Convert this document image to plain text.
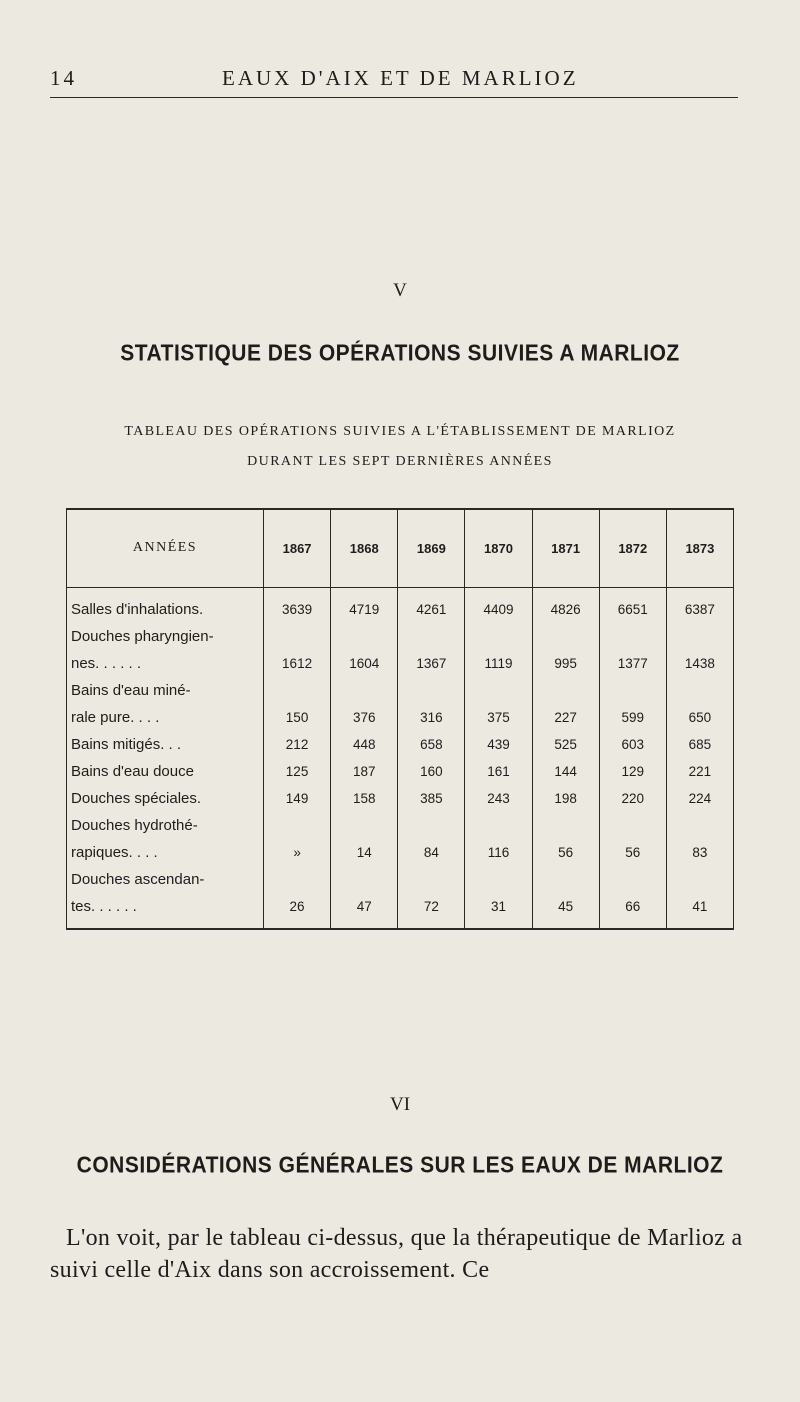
14	EAUX D'AIX ET DE MARLIOZ
V
STATISTIQUE DES OPÉRATIONS SUIVIES A MARLIOZ
TABLEAU DES OPÉRATIONS SUIVIES A L'ÉTABLISSEMENT DE MARLIOZ
DURANT LES SEPT DERNIÈRES ANNÉES
ANNÉES	1867	1868	1869	1870	1871	1872	1873

Salles d'inhalations.	3639	4719	4261	4409	4826	6651	6387

Douches pharyngien-
nes. . . . . .	1612	1604	1367	1119	995	1377	1438

Bains d'eau miné-
rale pure. . . .	150	376	316	375	227	599	650

Bains mitigés. . .	212	448	658	439	525	603	685

Bains d'eau douce	125	187	160	161	144	129	221

Douches spéciales.	149	158	385	243	198	220	224

Douches hydrothé-
rapiques. . . .	»	14	84	116	56	56	83

Douches ascendan-
tes. . . . . .	26	47	72	31	45	66	41
VI
CONSIDÉRATIONS GÉNÉRALES SUR LES EAUX DE MARLIOZ

L'on voit, par le tableau ci-dessus, que la thérapeutique de Marlioz a suivi celle d'Aix dans son accroissement. Ce
